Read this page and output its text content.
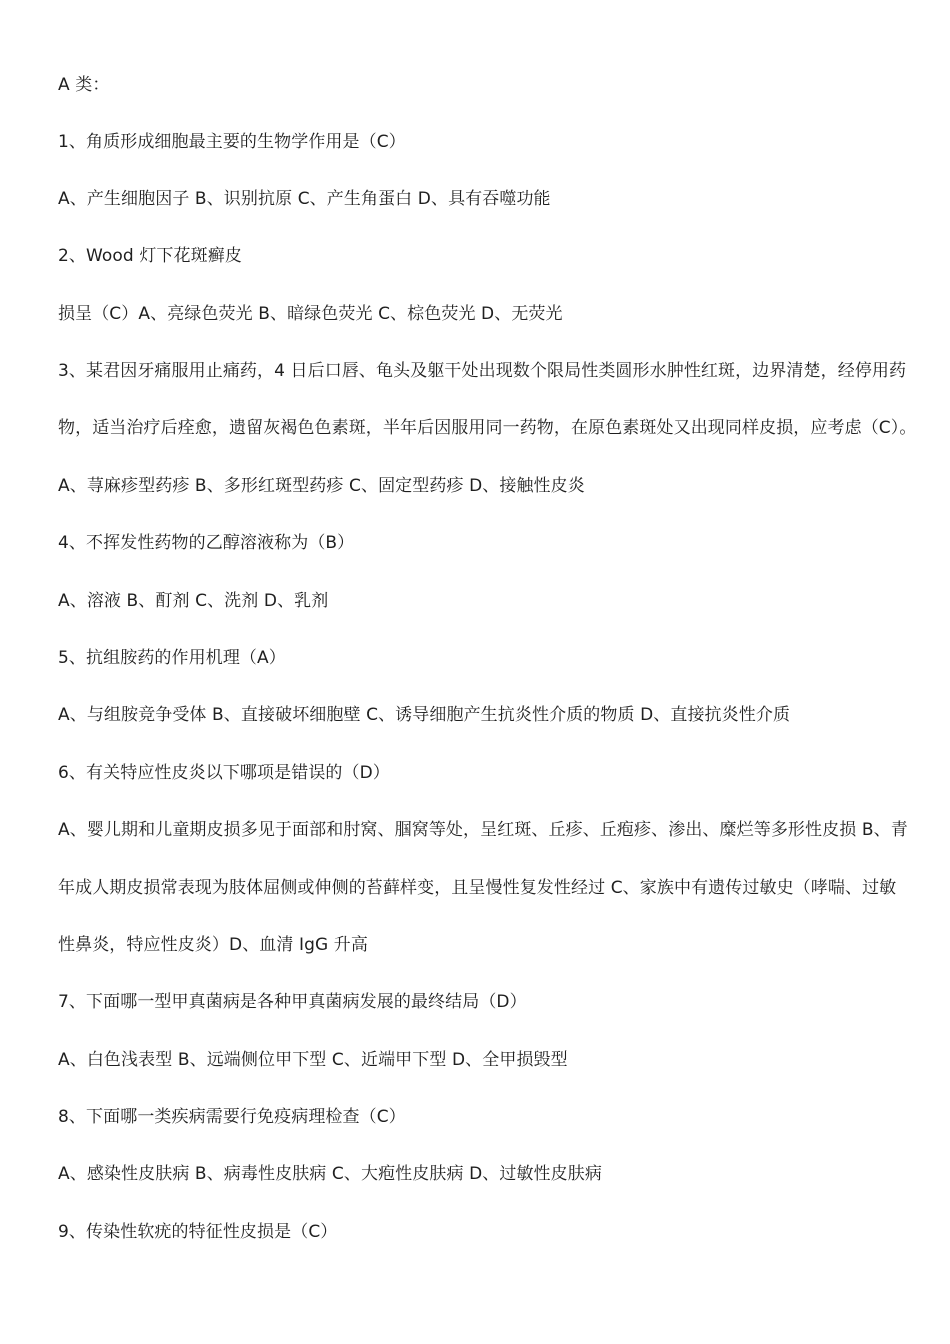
A 类：
1、角质形成细胞最主要的生物学作用是（C）
A、产生细胞因子 B、识别抗原 C、产生角蛋白 D、具有吞噬功能
2、Wood 灯下花斑癣皮
损呈（C）A、亮绿色荧光 B、暗绿色荧光 C、棕色荧光 D、无荧光
3、某君因牙痛服用止痛药，4 日后口唇、龟头及躯干处出现数个限局性类圆形水肿性红斑，边界清楚，经停用药
物，适当治疗后痊愈，遗留灰褐色色素斑，半年后因服用同一药物，在原色素斑处又出现同样皮损，应考虑（C）。
A、荨麻疹型药疹 B、多形红斑型药疹 C、固定型药疹 D、接触性皮炎
4、不挥发性药物的乙醇溶液称为（B）
A、溶液 B、酊剂 C、洗剂 D、乳剂
5、抗组胺药的作用机理（A）
A、与组胺竞争受体 B、直接破坏细胞壁 C、诱导细胞产生抗炎性介质的物质 D、直接抗炎性介质
6、有关特应性皮炎以下哪项是错误的（D）
A、婴儿期和儿童期皮损多见于面部和肘窝、腘窝等处，呈红斑、丘疹、丘疱疹、渗出、糜烂等多形性皮损 B、青
年成人期皮损常表现为肢体屈侧或伸侧的苔藓样变，且呈慢性复发性经过 C、家族中有遗传过敏史（哮喘、过敏
性鼻炎，特应性皮炎）D、血清 IgG 升高
7、下面哪一型甲真菌病是各种甲真菌病发展的最终结局（D）
A、白色浅表型 B、远端侧位甲下型 C、近端甲下型 D、全甲损毁型
8、下面哪一类疾病需要行免疫病理检查（C）
A、感染性皮肤病 B、病毒性皮肤病 C、大疱性皮肤病 D、过敏性皮肤病
9、传染性软疣的特征性皮损是（C）
